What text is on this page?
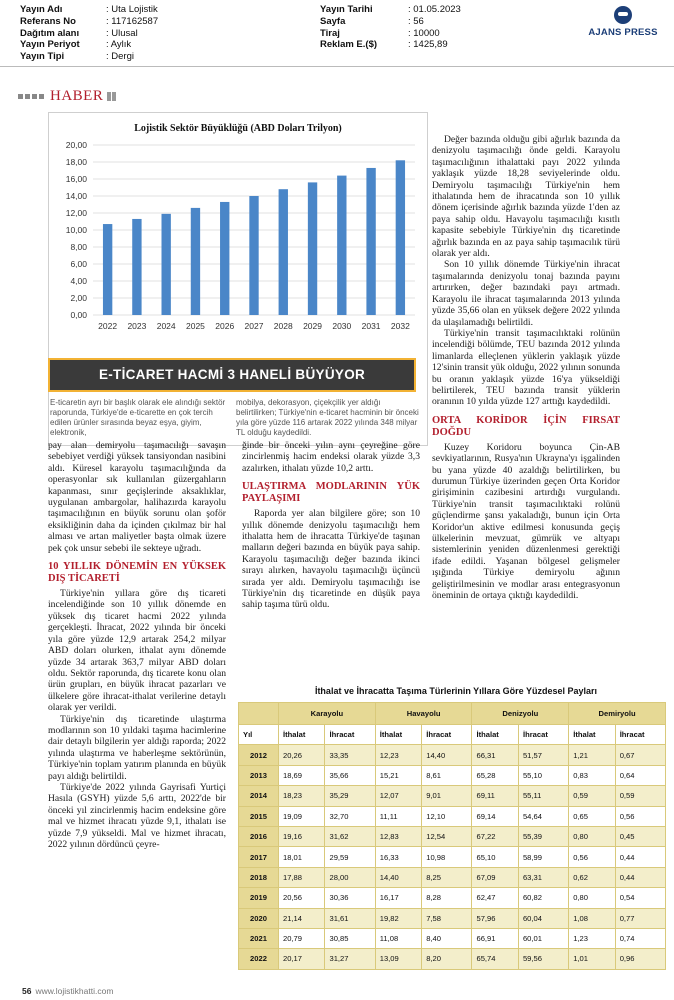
Yayın Adı	: Uta Lojistik
Referans No	: 117162587
Dağıtım alanı	: Ulusal
Yayın Periyot	: Aylık
Yayın Tipi	: Dergi
Yayın Tarihi	: 01.05.2023
Sayfa	: 56
Tiraj	: 10000
Reklam E.($)	: 1425,89
AJANS PRESS
HABER
Lojistik Sektör Büyüklüğü (ABD Doları Trilyon)
0,00
2,00
4,00
6,00
8,00
10,00
12,00
14,00
16,00
18,00
20,00
2022 2023 2024 2025 2026 2027 2028 2029 2030 2031 2032
E-TİCARET HACMİ 3 HANELİ BÜYÜYOR
E-ticaretin ayrı bir başlık olarak ele alındığı sektör raporunda, Türkiye'de e-ticarette en çok tercih edilen ürünler sırasında beyaz eşya, giyim, elektronik,
mobilya, dekorasyon, çiçekçilik yer aldığı belirtilirken; Türkiye'nin e-ticaret hacminin bir önceki yıla göre yüzde 116 artarak 2022 yılında 348 milyar TL olduğu kaydedildi.

Değer bazında olduğu gibi ağırlık bazında da denizyolu taşımacılığı önde geldi. Karayolu taşımacılığının ithalattaki payı 2022 yılında yaklaşık yüzde 18,28 seviyelerinde oldu. Demiryolu taşımacılığı Türkiye'nin hem ithalatında hem de ihracatında son 10 yıllık dönem içerisinde ağırlık bazında yüzde 1'den az paya sahip oldu. Havayolu taşımacılığı kısıtlı kapasite sebebiyle Türkiye'nin dış ticaretinde ağırlık bazında en az paya sahip taşımacılık türü olarak yer aldı.

Son 10 yıllık dönemde Türkiye'nin ihracat taşımalarında denizyolu tonaj bazında payını artırırken, değer bazındaki payı artmadı. Karayolu ile ihracat taşımalarında 2013 yılında yüzde 35,66 olan en yüksek değere 2022 yılında da ulaşılamadığı belirtildi.

Türkiye'nin transit taşımacılıktaki rolünün incelendiği bölümde, TEU bazında 2012 yılında limanlarda elleçlenen yüklerin yaklaşık yüzde 12'sinin transit yük olduğu, 2022 yılının sonunda bu oranın yaklaşık yüzde 16'ya yükseldiği belirtilerek, TEU bazında transit yüklerin oranının 10 yılda yüzde 127 arttığı kaydedildi.

ORTA KORİDOR İÇİN FIRSAT DOĞDU

Kuzey Koridoru boyunca Çin-AB sevkiyatlarının, Rusya'nın Ukrayna'yı işgalinden bu yana yüzde 40 azaldığı belirtilirken, bu durumun Türkiye üzerinden geçen Orta Koridor girişiminin cazibesini artırdığı vurgulandı. Türkiye'nin transit taşımacılıktaki rolünü güçlendirme şansı yakaladığı, bunun için Orta Koridor'un aktive edilmesi konusunda geçiş ülkelerinin mevzuat, gümrük ve altyapı sistemlerinin yeniden düzenlenmesi gerektiği ifade edildi. Yaşanan bölgesel gelişmeler ışığında Türkiye demiryolu ağının geliştirilmesinin ve modlar arası entegrasyonun öneminin de ortaya çıktığı kaydedildi.

pay alan demiryolu taşımacılığı savaşın sebebiyet verdiği yüksek tansiyondan nasibini aldı. Küresel karayolu taşımacılığında da operasyonlar sık kullanılan güzergahların kapanması, sınır geçişlerinde aksaklıklar, uygulanan ambargolar, halihazırda karayolu taşımacılığının en büyük sorunu olan şoför eksikliğinin daha da içinden çıkılmaz bir hal alması ve artan maliyetler başta olmak üzere pek çok unsur sebebi ile sekteye uğradı.

10 YILLIK DÖNEMİN EN YÜKSEK DIŞ TİCARETİ

Türkiye'nin yıllara göre dış ticareti incelendiğinde son 10 yıllık dönemde en yüksek dış ticaret hacmi 2022 yılında gerçekleşti. İhracat, 2022 yılında bir önceki yıla göre yüzde 12,9 artarak 254,2 milyar ABD doları olurken, ithalat aynı dönemde yüzde 34 artarak 363,7 milyar ABD doları oldu. Sektör raporunda, dış ticarete konu olan ürün grupları, en büyük ihracat pazarları ve ülkelere göre ihracat-ithalat verilerine detaylı olarak yer verildi.

Türkiye'nin dış ticaretinde ulaştırma modlarının son 10 yıldaki taşıma hacimlerine dair detaylı bilgilerin yer aldığı raporda; 2022 yılında ulaştırma ve haberleşme sektörünün, Türkiye'nin toplam yatırım planında en büyük payı aldığı belirtildi.

Türkiye'de 2022 yılında Gayrisafi Yurtiçi Hasıla (GSYH) yüzde 5,6 arttı, 2022'de bir önceki yıl zincirlenmiş hacim endeksine göre mal ve hizmet ihracatı yüzde 9,1, ithalatı ise yüzde 7,9 yükseldi. Mal ve hizmet ihracatı, 2022 yılının dördüncü çeyre-

ğinde bir önceki yılın aynı çeyreğine göre zincirlenmiş hacim endeksi olarak yüzde 3,3 azalırken, ithalatı yüzde 10,2 arttı.

ULAŞTIRMA MODLARININ YÜK PAYLAŞIMI

Raporda yer alan bilgilere göre; son 10 yıllık dönemde denizyolu taşımacılığı hem ithalatta hem de ihracatta Türkiye'de taşınan malların değeri bazında en büyük paya sahip. Karayolu taşımacılığı değer bazında ikinci sırayı alırken, havayolu taşımacılığı üçüncü sırada yer aldı. Demiryolu taşımacılığı ise Türkiye'nin dış ticaretinde en düşük paya sahip taşıma türü oldu.

İthalat ve İhracatta Taşıma Türlerinin Yıllara Göre Yüzdesel Payları
	Karayolu		Havayolu		Denizyolu		Demiryolu	
Yıl	İthalat	İhracat	İthalat	İhracat	İthalat	İhracat	İthalat	İhracat
2012	20,26	33,35	12,23	14,40	66,31	51,57	1,21	0,67
2013	18,69	35,66	15,21	8,61	65,28	55,10	0,83	0,64
2014	18,23	35,29	12,07	9,01	69,11	55,11	0,59	0,59
2015	19,09	32,70	11,11	12,10	69,14	54,64	0,65	0,56
2016	19,16	31,62	12,83	12,54	67,22	55,39	0,80	0,45
2017	18,01	29,59	16,33	10,98	65,10	58,99	0,56	0,44
2018	17,88	28,00	14,40	8,25	67,09	63,31	0,62	0,44
2019	20,56	30,36	16,17	8,28	62,47	60,82	0,80	0,54
2020	21,14	31,61	19,82	7,58	57,96	60,04	1,08	0,77
2021	20,79	30,85	11,08	8,40	66,91	60,01	1,23	0,74
2022	20,17	31,27	13,09	8,20	65,74	59,56	1,01	0,96
56 www.lojistikhatti.com
